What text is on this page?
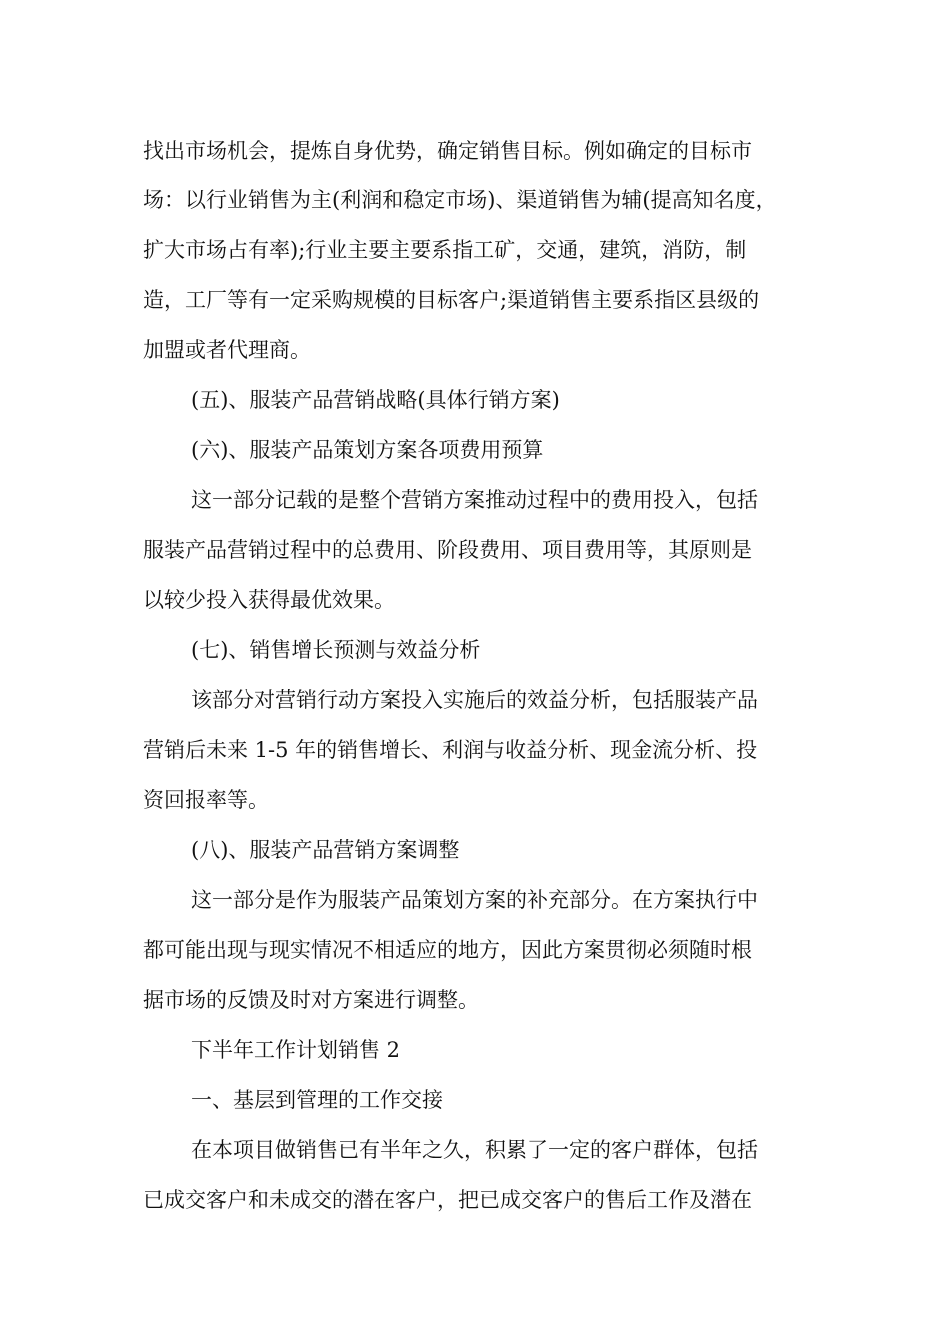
找出市场机会，提炼自身优势，确定销售目标。例如确定的目标市
场：以行业销售为主(利润和稳定市场)、渠道销售为辅(提高知名度，
扩大市场占有率);行业主要主要系指工矿，交通，建筑，消防，制
造，工厂等有一定采购规模的目标客户;渠道销售主要系指区县级的
加盟或者代理商。
(五)、服装产品营销战略(具体行销方案)
(六)、服装产品策划方案各项费用预算
这一部分记载的是整个营销方案推动过程中的费用投入，包括
服装产品营销过程中的总费用、阶段费用、项目费用等，其原则是
以较少投入获得最优效果。
(七)、销售增长预测与效益分析
该部分对营销行动方案投入实施后的效益分析，包括服装产品
营销后未来 1-5 年的销售增长、利润与收益分析、现金流分析、投
资回报率等。
(八)、服装产品营销方案调整
这一部分是作为服装产品策划方案的补充部分。在方案执行中
都可能出现与现实情况不相适应的地方，因此方案贯彻必须随时根
据市场的反馈及时对方案进行调整。
下半年工作计划销售 2
一、基层到管理的工作交接
在本项目做销售已有半年之久，积累了一定的客户群体，包括
已成交客户和未成交的潜在客户，把已成交客户的售后工作及潜在
